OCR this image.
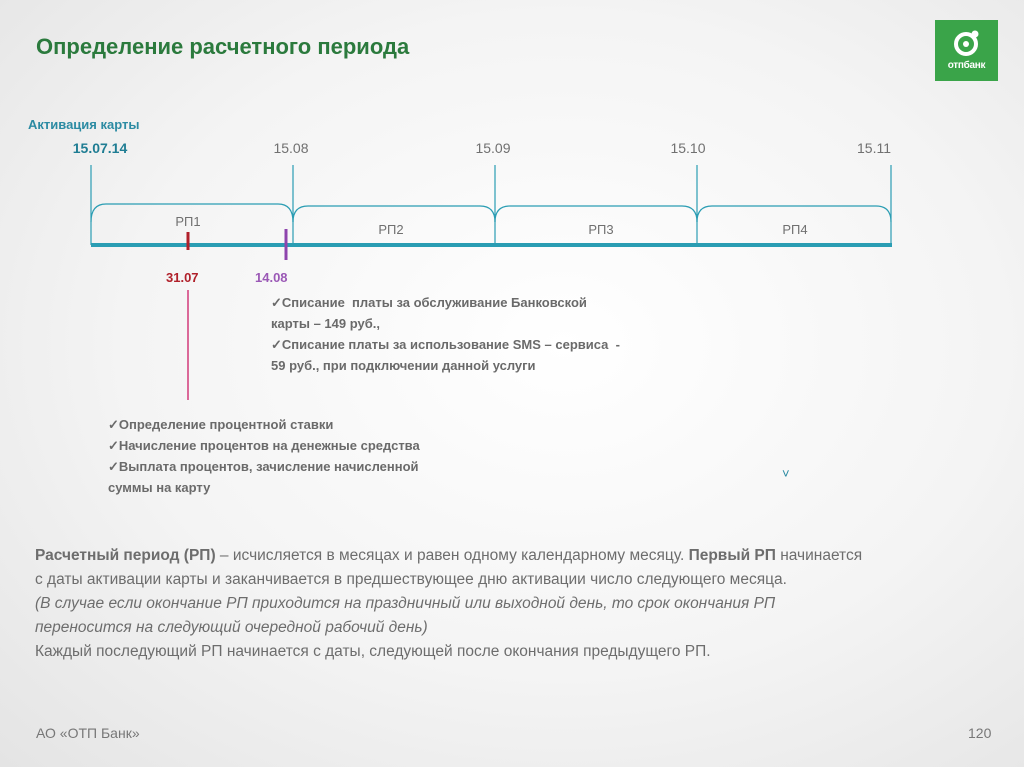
Определение расчетного периода
отпбанк
Активация карты
15.07.14	15.08	15.09	15.10	15.11
РП1
РП2	РП3	РП4
31.07	14.08
✓Списание  платы за обслуживание Банковской
карты – 149 руб.,
✓Списание платы за использование SMS – сервиса  -
59 руб., при подключении данной услуги
✓Определение процентной ставки
✓Начисление процентов на денежные средства
✓Выплата процентов, зачисление начисленной
суммы на карту
˅
Расчетный период (РП) – исчисляется в месяцах и равен одному календарному месяцу. Первый РП начинается
с даты активации карты и заканчивается в предшествующее дню активации число следующего месяца.
(В случае если окончание РП приходится на праздничный или выходной день, то срок окончания РП
переносится на следующий очередной рабочий день)
Каждый последующий РП начинается с даты, следующей после окончания предыдущего РП.
АО «ОТП Банк»	120
